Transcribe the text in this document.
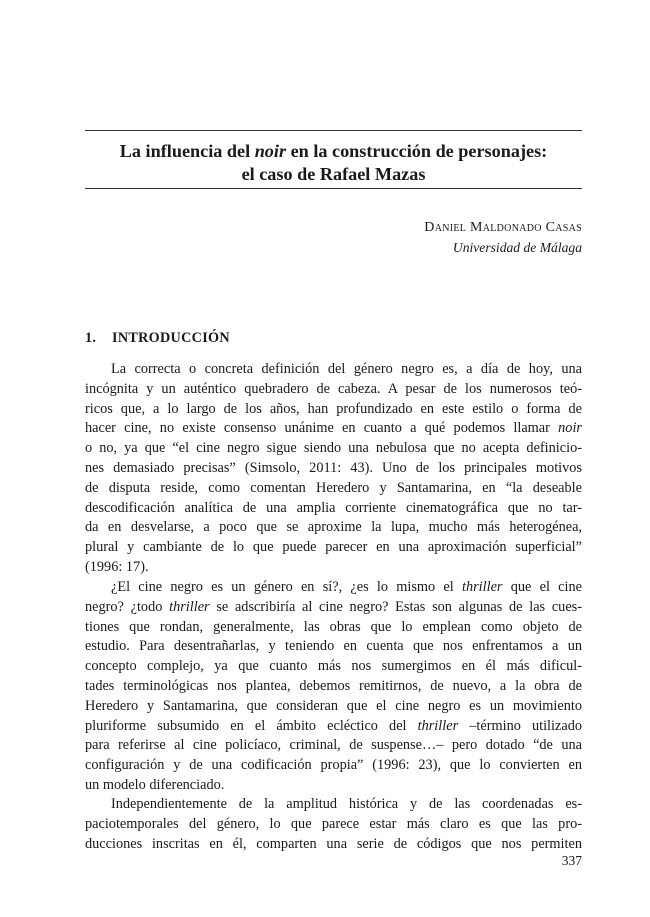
La influencia del noir en la construcción de personajes:
el caso de Rafael Mazas
Daniel Maldonado Casas
Universidad de Málaga
1. INTRODUCCIÓN
La correcta o concreta definición del género negro es, a día de hoy, una
incógnita y un auténtico quebradero de cabeza. A pesar de los numerosos teó-
ricos que, a lo largo de los años, han profundizado en este estilo o forma de
hacer cine, no existe consenso unánime en cuanto a qué podemos llamar noir
o no, ya que “el cine negro sigue siendo una nebulosa que no acepta definicio-
nes demasiado precisas” (Simsolo, 2011: 43). Uno de los principales motivos
de disputa reside, como comentan Heredero y Santamarina, en “la deseable
descodificación analítica de una amplia corriente cinematográfica que no tar-
da en desvelarse, a poco que se aproxime la lupa, mucho más heterogénea,
plural y cambiante de lo que puede parecer en una aproximación superficial”
(1996: 17).
¿El cine negro es un género en sí?, ¿es lo mismo el thriller que el cine
negro? ¿todo thriller se adscribiría al cine negro? Estas son algunas de las cues-
tiones que rondan, generalmente, las obras que lo emplean como objeto de
estudio. Para desentrañarlas, y teniendo en cuenta que nos enfrentamos a un
concepto complejo, ya que cuanto más nos sumergimos en él más dificul-
tades terminológicas nos plantea, debemos remitirnos, de nuevo, a la obra de
Heredero y Santamarina, que consideran que el cine negro es un movimiento
pluriforme subsumido en el ámbito ecléctico del thriller –término utilizado
para referirse al cine policíaco, criminal, de suspense…– pero dotado “de una
configuración y de una codificación propia” (1996: 23), que lo convierten en
un modelo diferenciado.
Independientemente de la amplitud histórica y de las coordenadas es-
paciotemporales del género, lo que parece estar más claro es que las pro-
ducciones inscritas en él, comparten una serie de códigos que nos permiten
337
